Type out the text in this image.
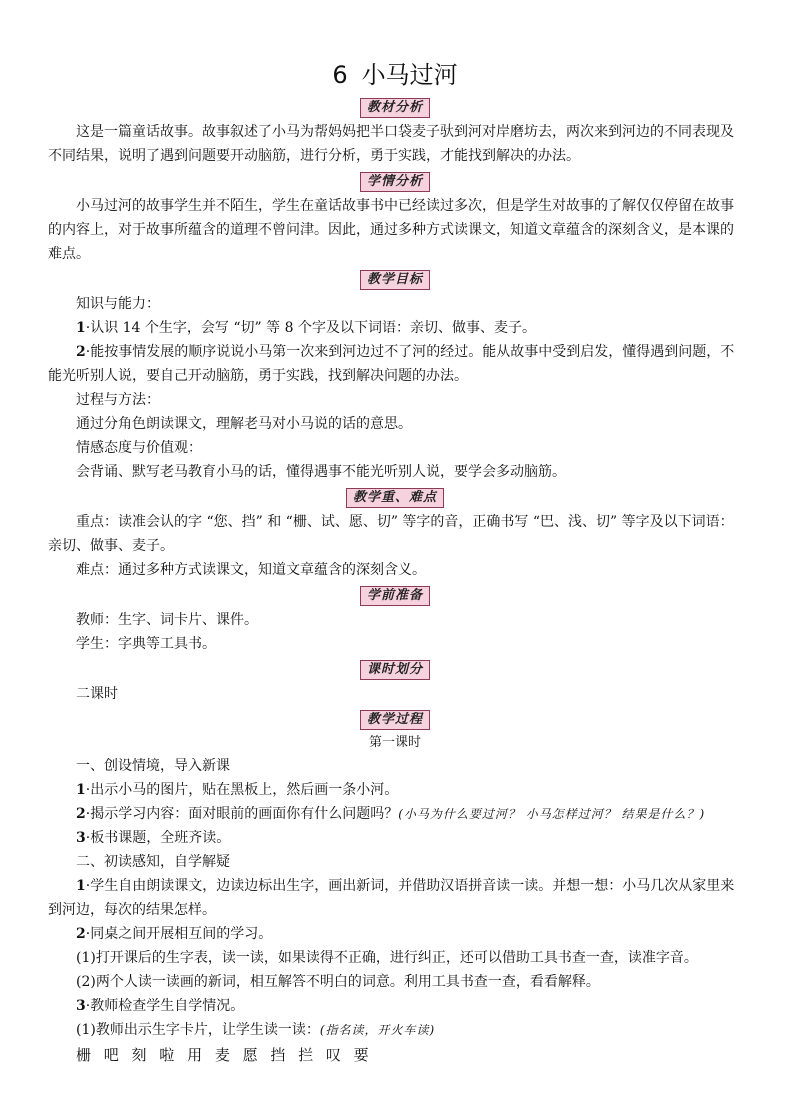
6 小马过河
教材分析

这是一篇童话故事。故事叙述了小马为帮妈妈把半口袋麦子驮到河对岸磨坊去，两次来到河边的不同表现及不同结果，说明了遇到问题要开动脑筋，进行分析，勇于实践，才能找到解决的办法。

学情分析

小马过河的故事学生并不陌生，学生在童话故事书中已经读过多次，但是学生对故事的了解仅仅停留在故事的内容上，对于故事所蕴含的道理不曾问津。因此，通过多种方式读课文，知道文章蕴含的深刻含义，是本课的难点。

教学目标

知识与能力：

1·认识 14 个生字，会写 “切” 等 8 个字及以下词语：亲切、做事、麦子。

2·能按事情发展的顺序说说小马第一次来到河边过不了河的经过。能从故事中受到启发，懂得遇到问题，不能光听别人说，要自己开动脑筋，勇于实践，找到解决问题的办法。

过程与方法：

通过分角色朗读课文，理解老马对小马说的话的意思。

情感态度与价值观：

会背诵、默写老马教育小马的话，懂得遇事不能光听别人说，要学会多动脑筋。

教学重、难点

重点：读准会认的字 “您、挡” 和 “栅、试、愿、切” 等字的音，正确书写 “巴、浅、切” 等字及以下词语：亲切、做事、麦子。

难点：通过多种方式读课文，知道文章蕴含的深刻含义。

学前准备

教师：生字、词卡片、课件。

学生：字典等工具书。

课时划分

二课时

教学过程
第一课时

一、创设情境，导入新课

1·出示小马的图片，贴在黑板上，然后画一条小河。

2·揭示学习内容：面对眼前的画面你有什么问题吗？(小马为什么要过河？ 小马怎样过河？ 结果是什么？)

3·板书课题，全班齐读。

二、初读感知，自学解疑

1·学生自由朗读课文，边读边标出生字，画出新词，并借助汉语拼音读一读。并想一想：小马几次从家里来到河边，每次的结果怎样。

2·同桌之间开展相互间的学习。

(1)打开课后的生字表，读一读，如果读得不正确，进行纠正，还可以借助工具书查一查，读准字音。

(2)两个人读一读画的新词，相互解答不明白的词意。利用工具书查一查，看看解释。

3·教师检查学生自学情况。

(1)教师出示生字卡片，让学生读一读：(指名读，开火车读)

栅 吧 刻 啦 用 麦 愿 挡 拦 叹 要
